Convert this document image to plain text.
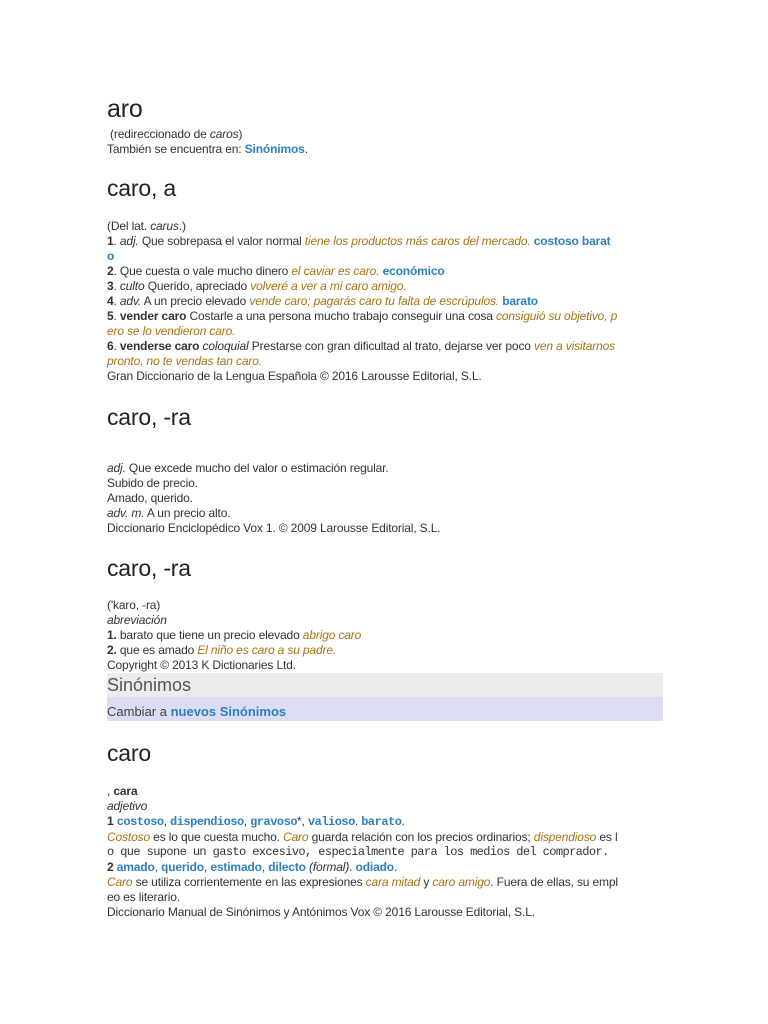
aro
(redireccionado de caros)
También se encuentra en: Sinónimos.
caro, a
(Del lat. carus.)
1. adj. Que sobrepasa el valor normal tiene los productos más caros del mercado. costoso barat
o
2. Que cuesta o vale mucho dinero el caviar es caro. económico
3. culto Querido, apreciado volveré a ver a mi caro amigo.
4. adv. A un precio elevado vende caro; pagarás caro tu falta de escrúpulos. barato
5. vender caro Costarle a una persona mucho trabajo conseguir una cosa consiguió su objetivo, p
ero se lo vendieron caro.
6. venderse caro coloquial Prestarse con gran dificultad al trato, dejarse ver poco ven a visitarnos
pronto, no te vendas tan caro.
Gran Diccionario de la Lengua Española © 2016 Larousse Editorial, S.L.
caro, -ra
adj. Que excede mucho del valor o estimación regular.
Subido de precio.
Amado, querido.
adv. m. A un precio alto.
Diccionario Enciclopédico Vox 1. © 2009 Larousse Editorial, S.L.
caro, -ra
('karo, -ra)
abreviación
1. barato que tiene un precio elevado abrigo caro
2. que es amado El niño es caro a su padre.
Copyright © 2013 K Dictionaries Ltd.
Sinónimos
Cambiar a nuevos Sinónimos
caro
, cara
adjetivo
1 costoso, dispendioso, gravoso*, valioso. barato.
Costoso es lo que cuesta mucho. Caro guarda relación con los precios ordinarios; dispendioso es l
o que supone un gasto excesivo, especialmente para los medios del comprador.
2 amado, querido, estimado, dilecto (formal). odiado.
Caro se utiliza corrientemente en las expresiones cara mitad y caro amigo. Fuera de ellas, su empl
eo es literario.
Diccionario Manual de Sinónimos y Antónimos Vox © 2016 Larousse Editorial, S.L.
